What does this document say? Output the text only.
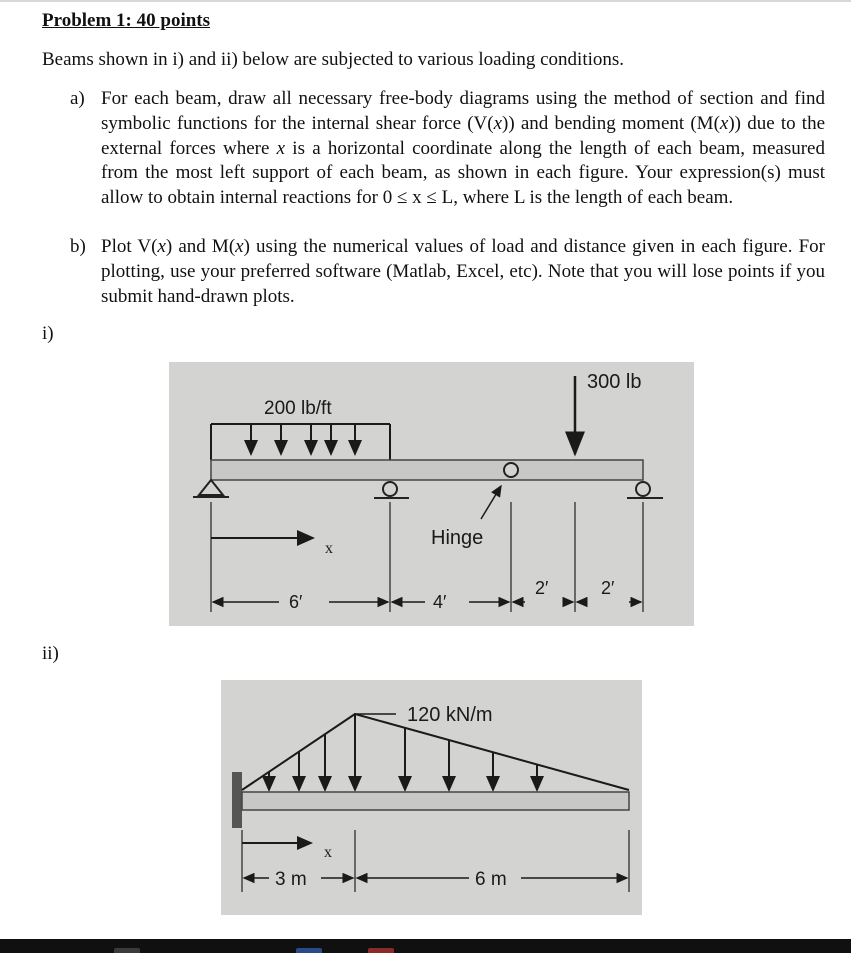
Problem 1: 40 points
Beams shown in i) and ii) below are subjected to various loading conditions.
a) For each beam, draw all necessary free-body diagrams using the method of section and find symbolic functions for the internal shear force (V(x)) and bending moment (M(x)) due to the external forces where x is a horizontal coordinate along the length of each beam, measured from the most left support of each beam, as shown in each figure. Your expression(s) must allow to obtain internal reactions for 0 ≤ x ≤ L, where L is the length of each beam.
b) Plot V(x) and M(x) using the numerical values of load and distance given in each figure. For plotting, use your preferred software (Matlab, Excel, etc). Note that you will lose points if you submit hand-drawn plots.
i)
200 lb/ft
300 lb
x	Hinge
6′	4′
2′	2′
ii)
120 kN/m
x
3 m	6 m
